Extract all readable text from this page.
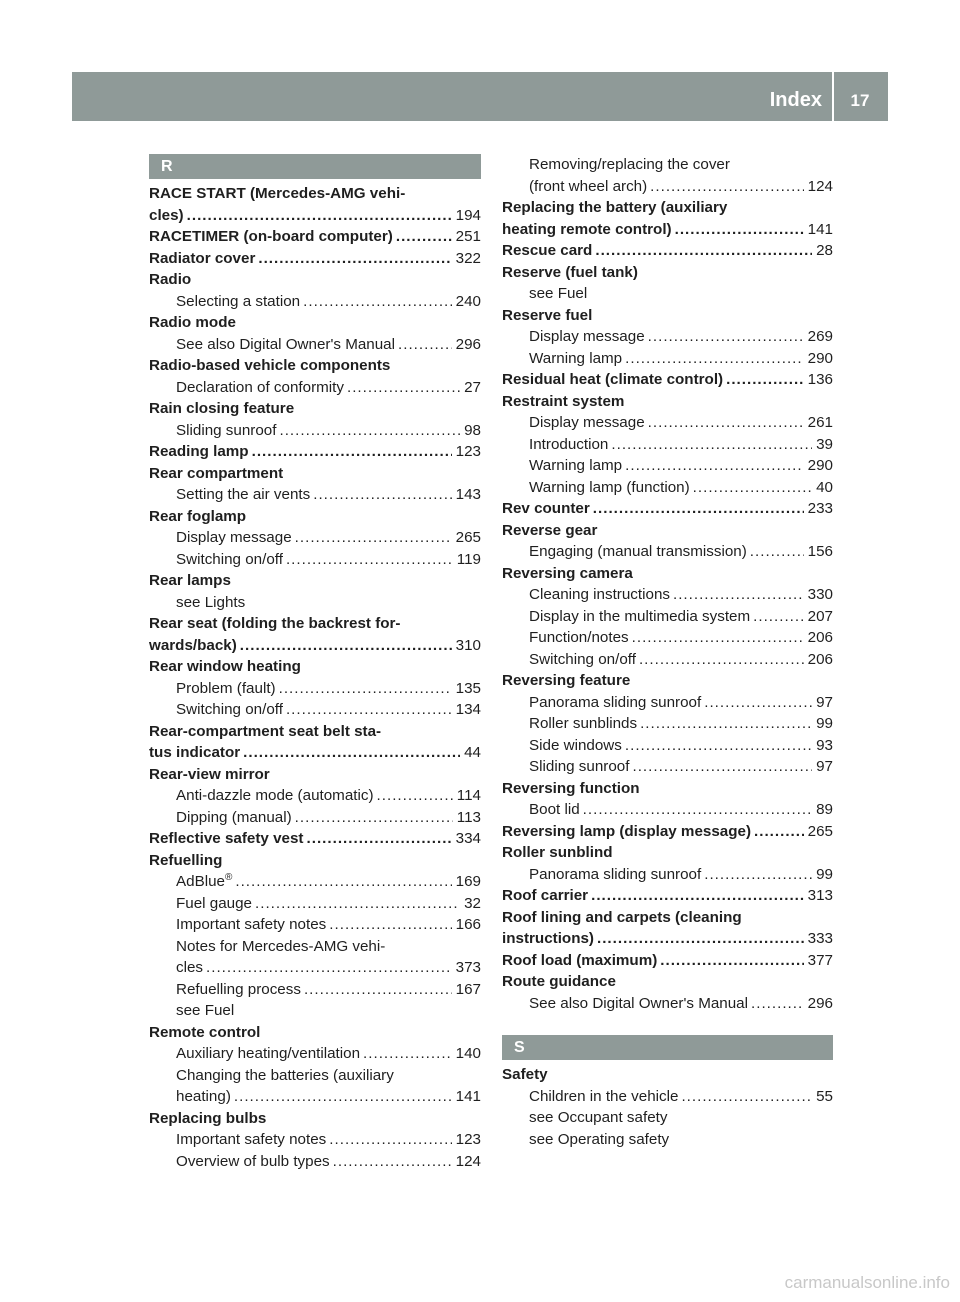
Index	17
R
RACE START (Mercedes-AMG vehi-
cles) .....	194
RACETIMER (on-board computer) .....	251
Radiator cover .....	322
Radio
Selecting a station .....	240
Radio mode
See also Digital Owner's Manual .....	296
Radio-based vehicle components
Declaration of conformity .....	27
Rain closing feature
Sliding sunroof .....	98
Reading lamp .....	123
Rear compartment
Setting the air vents .....	143
Rear foglamp
Display message .....	265
Switching on/off .....	119
Rear lamps
see Lights
Rear seat (folding the backrest for-
wards/back) .....	310
Rear window heating
Problem (fault) .....	135
Switching on/off .....	134
Rear-compartment seat belt sta-
tus indicator .....	44
Rear-view mirror
Anti-dazzle mode (automatic) .....	114
Dipping (manual) .....	113
Reflective safety vest .....	334
Refuelling
AdBlue® .....	169
Fuel gauge .....	32
Important safety notes .....	166
Notes for Mercedes-AMG vehi-
cles .....	373
Refuelling process .....	167
see Fuel
Remote control
Auxiliary heating/ventilation .....	140
Changing the batteries (auxiliary
heating) .....	141
Replacing bulbs
Important safety notes .....	123
Overview of bulb types .....	124
Removing/replacing the cover
(front wheel arch) .....	124
Replacing the battery (auxiliary
heating remote control) .....	141
Rescue card .....	28
Reserve (fuel tank)
see Fuel
Reserve fuel
Display message .....	269
Warning lamp .....	290
Residual heat (climate control) .....	136
Restraint system
Display message .....	261
Introduction .....	39
Warning lamp .....	290
Warning lamp (function) .....	40
Rev counter .....	233
Reverse gear
Engaging (manual transmission) .....	156
Reversing camera
Cleaning instructions .....	330
Display in the multimedia system .....	207
Function/notes .....	206
Switching on/off .....	206
Reversing feature
Panorama sliding sunroof .....	97
Roller sunblinds .....	99
Side windows .....	93
Sliding sunroof .....	97
Reversing function
Boot lid .....	89
Reversing lamp (display message) .....	265
Roller sunblind
Panorama sliding sunroof .....	99
Roof carrier .....	313
Roof lining and carpets (cleaning
instructions) .....	333
Roof load (maximum) .....	377
Route guidance
See also Digital Owner's Manual .....	296
S
Safety
Children in the vehicle .....	55
see Occupant safety
see Operating safety
carmanualsonline.info
